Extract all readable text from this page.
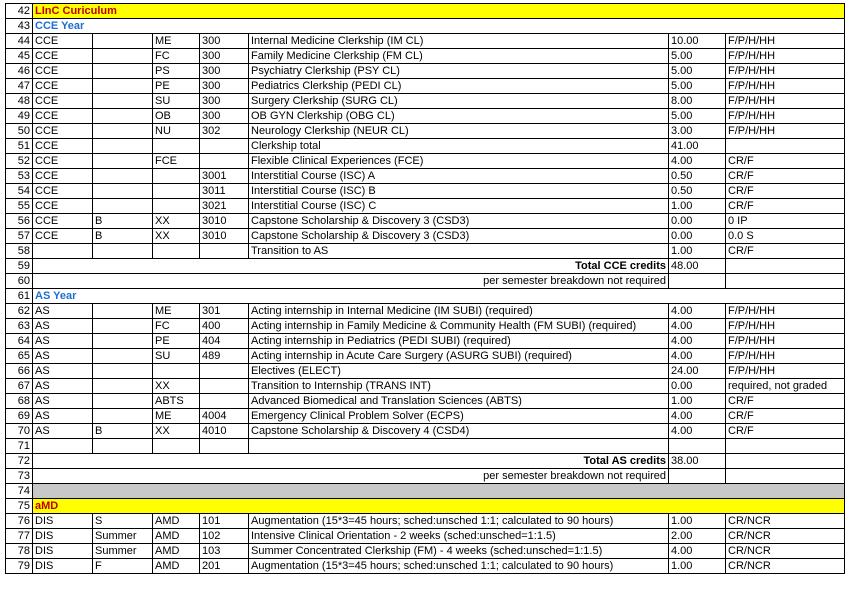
42	LInC Curiculum						
43	CCE Year						
44	CCE		ME	300	Internal Medicine Clerkship (IM CL)	10.00	F/P/H/HH
45	CCE		FC	300	Family Medicine Clerkship (FM CL)	5.00	F/P/H/HH
46	CCE		PS	300	Psychiatry Clerkship (PSY CL)	5.00	F/P/H/HH
47	CCE		PE	300	Pediatrics Clerkship (PEDI CL)	5.00	F/P/H/HH
48	CCE		SU	300	Surgery Clerkship (SURG CL)	8.00	F/P/H/HH
49	CCE		OB	300	OB GYN Clerkship (OBG CL)	5.00	F/P/H/HH
50	CCE		NU	302	Neurology Clerkship (NEUR CL)	3.00	F/P/H/HH
51	CCE				Clerkship total	41.00	
52	CCE		FCE		Flexible Clinical Experiences (FCE)	4.00	CR/F
53	CCE			3001	Interstitial Course (ISC) A	0.50	CR/F
54	CCE			3011	Interstitial Course (ISC) B	0.50	CR/F
55	CCE			3021	Interstitial Course (ISC) C	1.00	CR/F
56	CCE	B	XX	3010	Capstone Scholarship & Discovery 3 (CSD3)	0.00	0 IP
57	CCE	B	XX	3010	Capstone Scholarship & Discovery 3 (CSD3)	0.00	0.0 S
58					Transition to AS	1.00	CR/F
59	Total CCE credits					48.00	
60	per semester breakdown not required						
61	AS Year						
62	AS		ME	301	Acting internship in Internal Medicine (IM SUBI) (required)	4.00	F/P/H/HH
63	AS		FC	400	Acting internship in Family Medicine & Community Health (FM SUBI) (required)	4.00	F/P/H/HH
64	AS		PE	404	Acting internship in Pediatrics (PEDI SUBI) (required)	4.00	F/P/H/HH
65	AS		SU	489	Acting internship in Acute Care Surgery (ASURG SUBI) (required)	4.00	F/P/H/HH
66	AS				Electives (ELECT)	24.00	F/P/H/HH
67	AS		XX		Transition to Internship (TRANS INT)	0.00	required, not graded
68	AS		ABTS		Advanced Biomedical and Translation Sciences (ABTS)	1.00	CR/F
69	AS		ME	4004	Emergency Clinical Problem Solver (ECPS)	4.00	CR/F
70	AS	B	XX	4010	Capstone Scholarship & Discovery 4 (CSD4)	4.00	CR/F
71							
72	Total AS credits					38.00	
73	per semester breakdown not required						
74							
75	aMD						
76	DIS	S	AMD	101	Augmentation (15*3=45 hours; sched:unsched 1:1; calculated to 90 hours)	1.00	CR/NCR
77	DIS	Summer	AMD	102	Intensive Clinical Orientation - 2 weeks (sched:unsched=1:1.5)	2.00	CR/NCR
78	DIS	Summer	AMD	103	Summer Concentrated Clerkship (FM) - 4 weeks (sched:unsched=1:1.5)	4.00	CR/NCR
79	DIS	F	AMD	201	Augmentation (15*3=45 hours; sched:unsched 1:1; calculated to 90 hours)	1.00	CR/NCR
